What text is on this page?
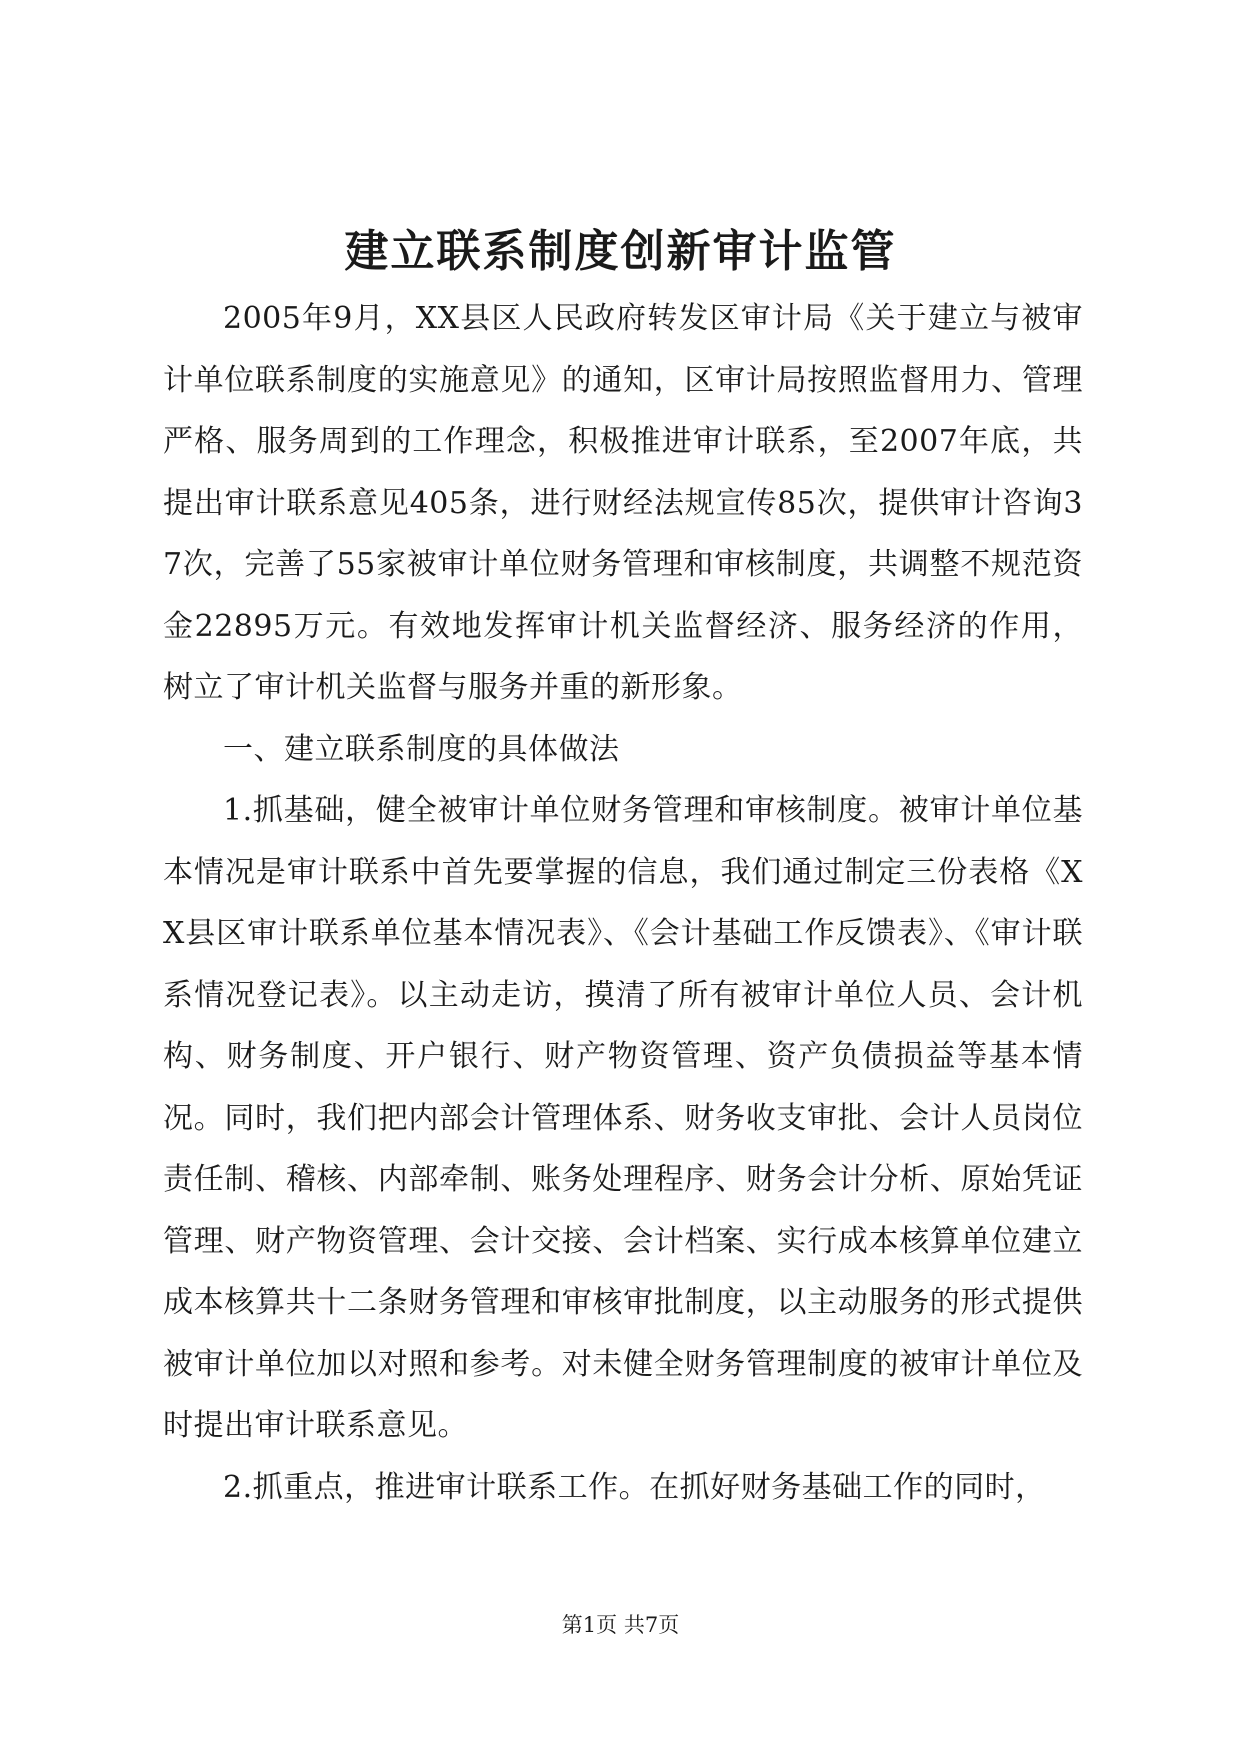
建立联系制度创新审计监管

2005年9月，XX县区人民政府转发区审计局《关于建立与被审计单位联系制度的实施意见》的通知，区审计局按照监督用力、管理严格、服务周到的工作理念，积极推进审计联系，至2007年底，共提出审计联系意见405条，进行财经法规宣传85次，提供审计咨询37次，完善了55家被审计单位财务管理和审核制度，共调整不规范资金22895万元。有效地发挥审计机关监督经济、服务经济的作用，树立了审计机关监督与服务并重的新形象。

一、建立联系制度的具体做法

1.抓基础，健全被审计单位财务管理和审核制度。被审计单位基本情况是审计联系中首先要掌握的信息，我们通过制定三份表格《XX县区审计联系单位基本情况表》、《会计基础工作反馈表》、《审计联系情况登记表》。以主动走访，摸清了所有被审计单位人员、会计机构、财务制度、开户银行、财产物资管理、资产负债损益等基本情况。同时，我们把内部会计管理体系、财务收支审批、会计人员岗位责任制、稽核、内部牵制、账务处理程序、财务会计分析、原始凭证管理、财产物资管理、会计交接、会计档案、实行成本核算单位建立成本核算共十二条财务管理和审核审批制度，以主动服务的形式提供被审计单位加以对照和参考。对未健全财务管理制度的被审计单位及时提出审计联系意见。

2.抓重点，推进审计联系工作。在抓好财务基础工作的同时，

第1页 共7页
